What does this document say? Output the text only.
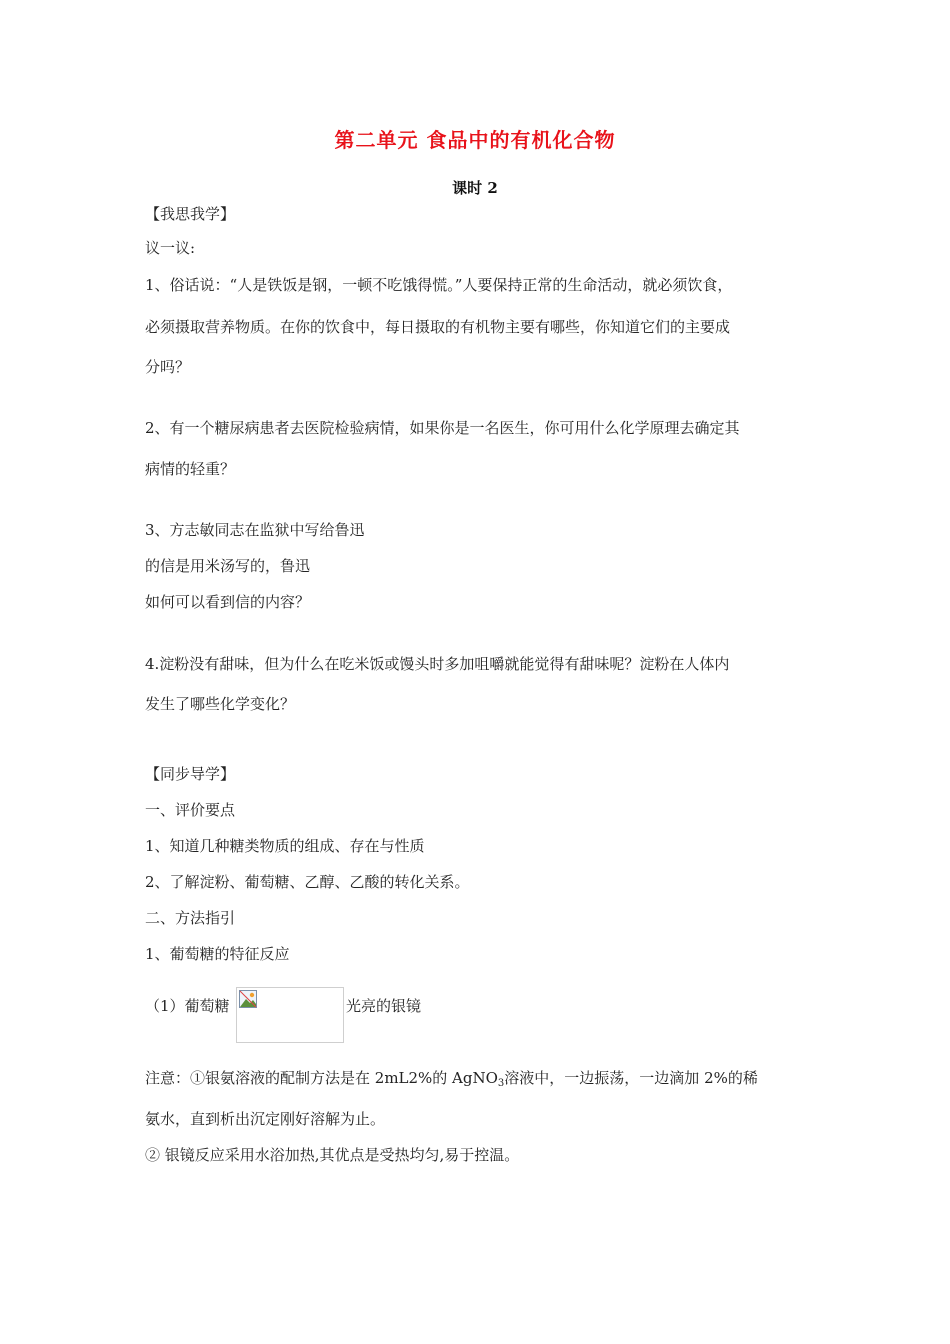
第二单元 食品中的有机化合物
课时 2
【我思我学】
议一议:
1、俗话说：“人是铁饭是钢，一顿不吃饿得慌。”人要保持正常的生命活动，就必须饮食，
必须摄取营养物质。在你的饮食中，每日摄取的有机物主要有哪些，你知道它们的主要成
分吗？
2、有一个糖尿病患者去医院检验病情，如果你是一名医生，你可用什么化学原理去确定其
病情的轻重？
3、方志敏同志在监狱中写给鲁迅
的信是用米汤写的，鲁迅
如何可以看到信的内容？
4.淀粉没有甜味，但为什么在吃米饭或馒头时多加咀嚼就能觉得有甜味呢？淀粉在人体内
发生了哪些化学变化？
【同步导学】
一、评价要点
1、知道几种糖类物质的组成、存在与性质
2、了解淀粉、葡萄糖、乙醇、乙酸的转化关系。
二、方法指引
1、葡萄糖的特征反应
（1）葡萄糖	光亮的银镜
注意：①银氨溶液的配制方法是在 2mL2%的 AgNO$_3$溶液中，一边振荡，一边滴加 2%的稀
氨水，直到析出沉定刚好溶解为止。
② 银镜反应采用水浴加热,其优点是受热均匀,易于控温。
